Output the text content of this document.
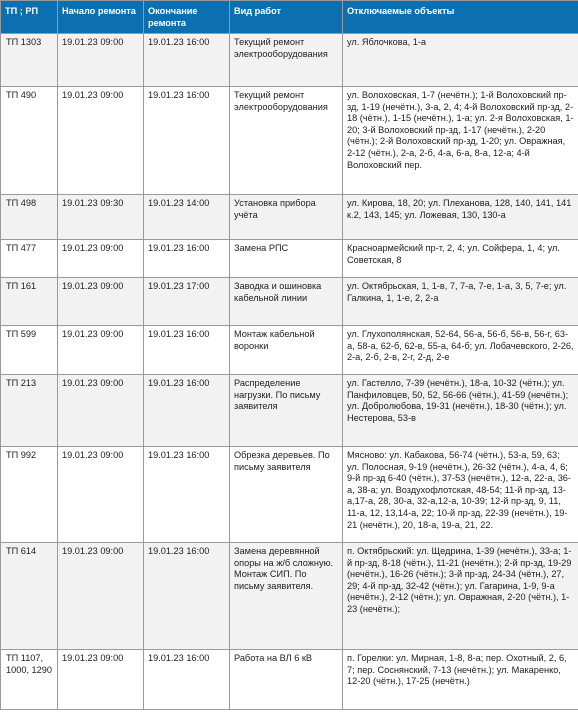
ТП ; РП	Начало ремонта	Окончание ремонта	Вид работ	Отключаемые объекты
ТП 1303	19.01.23 09:00	19.01.23 16:00	Текущий ремонт электрооборудования	ул. Яблочкова, 1-а
ТП 490	19.01.23 09:00	19.01.23 16:00	Текущий ремонт электрооборудования	ул. Волоховская, 1-7 (нечётн.); 1-й Волоховский пр-зд, 1-19 (нечётн.), 3-а, 2, 4; 4-й Волоховский пр-зд, 2-18 (чётн.), 1-15 (нечётн.), 1-а; ул. 2-я Волоховская, 1-20; 3-й Волоховский пр-зд, 1-17 (нечётн.), 2-20 (чётн.); 2-й Волоховский пр-зд, 1-20; ул. Овражная, 2-12 (чётн.), 2-а, 2-б, 4-а, 6-а, 8-а, 12-а; 4-й Волоховский пер.
ТП 498	19.01.23 09:30	19.01.23 14:00	Установка прибора учёта	ул. Кирова, 18, 20; ул. Плеханова, 128, 140, 141, 141 к.2, 143, 145; ул. Ложевая, 130, 130-а
ТП 477	19.01.23 09:00	19.01.23 16:00	Замена РПС	Красноармейский пр-т, 2, 4; ул. Сойфера, 1, 4; ул. Советская, 8
ТП 161	19.01.23 09:00	19.01.23 17:00	Заводка и ошиновка кабельной линии	ул. Октябрьская, 1, 1-в, 7, 7-а, 7-е, 1-а, 3, 5, 7-е; ул. Галкина, 1, 1-е, 2, 2-а
ТП 599	19.01.23 09:00	19.01.23 16:00	Монтаж кабельной воронки	ул. Глухополянская, 52-64, 56-а, 56-б, 56-в, 56-г, 63-а, 58-а, 62-б, 62-в, 55-а, 64-б; ул. Лобачевского, 2-26, 2-а, 2-б, 2-в, 2-г, 2-д, 2-е
ТП 213	19.01.23 09:00	19.01.23 16:00	Распределение нагрузки. По письму заявителя	ул. Гастелло, 7-39 (нечётн.), 18-а, 10-32 (чётн.); ул. Панфиловцев, 50, 52, 56-66 (чётн.), 41-59 (нечётн.); ул. Добролюбова, 19-31 (нечётн.), 18-30 (чётн.); ул. Нестерова, 53-в
ТП 992	19.01.23 09:00	19.01.23 16:00	Обрезка деревьев. По письму заявителя	Мясново: ул. Кабакова, 56-74 (чётн.), 53-а, 59, 63; ул. Полосная, 9-19 (нечётн.), 26-32 (чётн.), 4-а, 4, 6; 9-й пр-зд 6-40 (чётн.), 37-53 (нечётн.), 12-а, 22-а, 36-а, 38-а; ул. Воздухофлотская, 48-54; 11-й пр-зд, 13-а,17-а, 28, 30-а, 32-а,12-а, 10-39; 12-й пр-зд, 9, 11, 11-а, 12, 13,14-а, 22; 10-й пр-зд, 22-39 (нечётн.), 19-21 (нечётн.), 20, 18-а, 19-а, 21, 22.
ТП 614	19.01.23 09:00	19.01.23 16:00	Замена деревянной опоры на ж/б сложную. Монтаж СИП. По письму заявителя.	п. Октябрьский: ул. Щедрина, 1-39 (нечётн.), 33-а; 1-й пр-зд, 8-18 (чётн.), 11-21 (нечётн.); 2-й пр-зд, 19-29 (нечётн.), 16-26 (чётн.); 3-й пр-зд, 24-34 (чётн.), 27, 29; 4-й пр-зд, 32-42 (чётн.); ул. Гагарина, 1-9, 9-а (нечётн.), 2-12 (чётн.); ул. Овражная, 2-20 (чётн.), 1-23 (нечётн.);
ТП 1107, 1000, 1290	19.01.23 09:00	19.01.23 16:00	Работа на ВЛ 6 кВ	п. Горелки: ул. Мирная, 1-8, 8-а; пер. Охотный, 2, 6, 7; пер. Соснянский, 7-13 (нечётн.); ул. Макаренко, 12-20 (чётн.), 17-25 (нечётн.)
